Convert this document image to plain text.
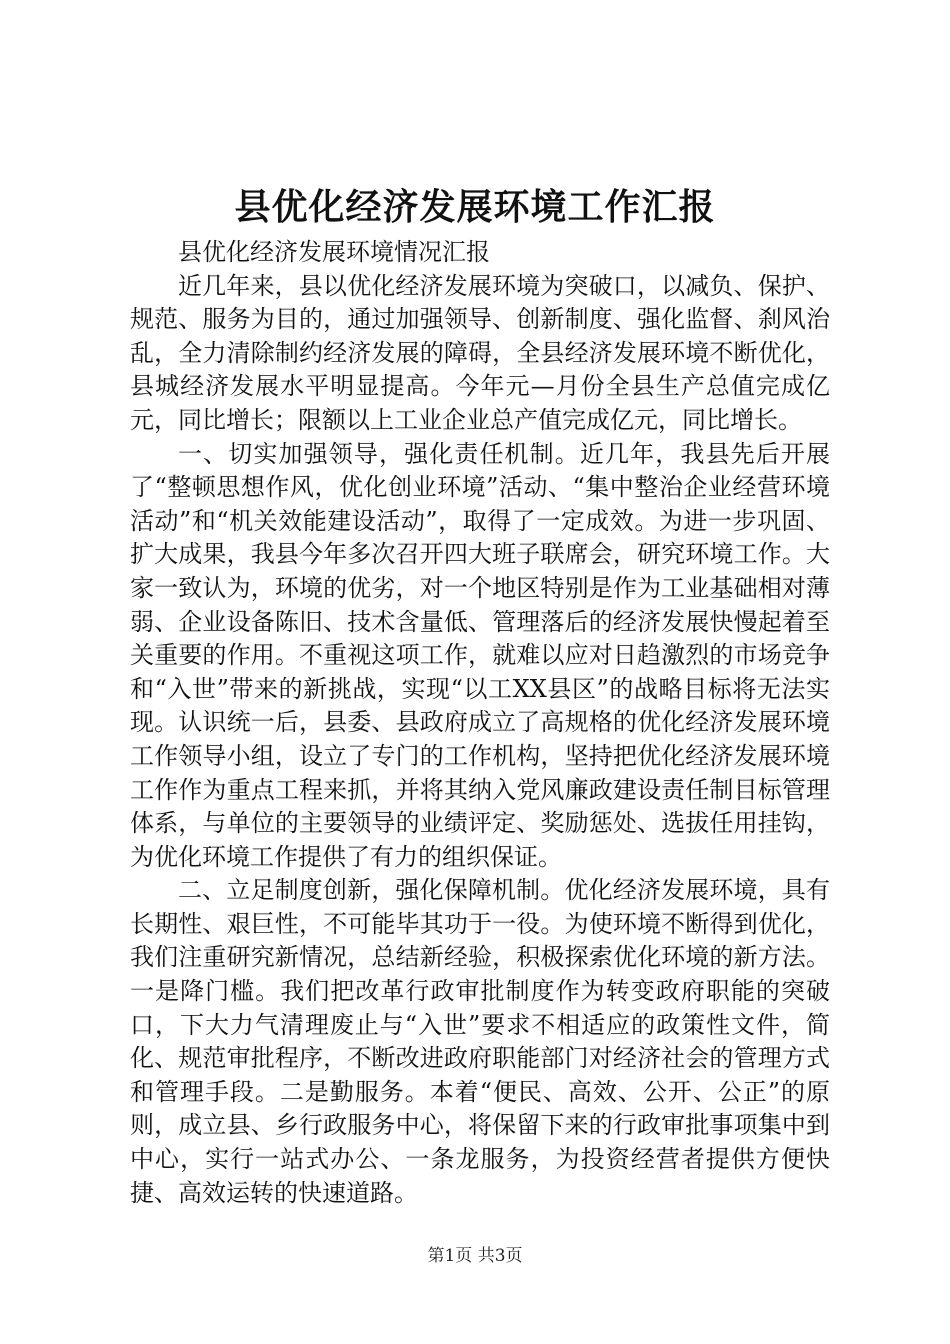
县优化经济发展环境工作汇报

县优化经济发展环境情况汇报

近几年来，县以优化经济发展环境为突破口，以减负、保护、规范、服务为目的，通过加强领导、创新制度、强化监督、刹风治乱，全力清除制约经济发展的障碍，全县经济发展环境不断优化，县城经济发展水平明显提高。今年元—月份全县生产总值完成亿元，同比增长；限额以上工业企业总产值完成亿元，同比增长。

一、切实加强领导，强化责任机制。近几年，我县先后开展了“整顿思想作风，优化创业环境”活动、“集中整治企业经营环境活动”和“机关效能建设活动”，取得了一定成效。为进一步巩固、扩大成果，我县今年多次召开四大班子联席会，研究环境工作。大家一致认为，环境的优劣，对一个地区特别是作为工业基础相对薄弱、企业设备陈旧、技术含量低、管理落后的经济发展快慢起着至关重要的作用。不重视这项工作，就难以应对日趋激烈的市场竞争和“入世”带来的新挑战，实现“以工XX县区”的战略目标将无法实现。认识统一后，县委、县政府成立了高规格的优化经济发展环境工作领导小组，设立了专门的工作机构，坚持把优化经济发展环境工作作为重点工程来抓，并将其纳入党风廉政建设责任制目标管理体系，与单位的主要领导的业绩评定、奖励惩处、选拔任用挂钩，为优化环境工作提供了有力的组织保证。

二、立足制度创新，强化保障机制。优化经济发展环境，具有长期性、艰巨性，不可能毕其功于一役。为使环境不断得到优化，我们注重研究新情况，总结新经验，积极探索优化环境的新方法。一是降门槛。我们把改革行政审批制度作为转变政府职能的突破口，下大力气清理废止与“入世”要求不相适应的政策性文件，简化、规范审批程序，不断改进政府职能部门对经济社会的管理方式和管理手段。二是勤服务。本着“便民、高效、公开、公正”的原则，成立县、乡行政服务中心，将保留下来的行政审批事项集中到中心，实行一站式办公、一条龙服务，为投资经营者提供方便快捷、高效运转的快速道路。

第1页 共3页
